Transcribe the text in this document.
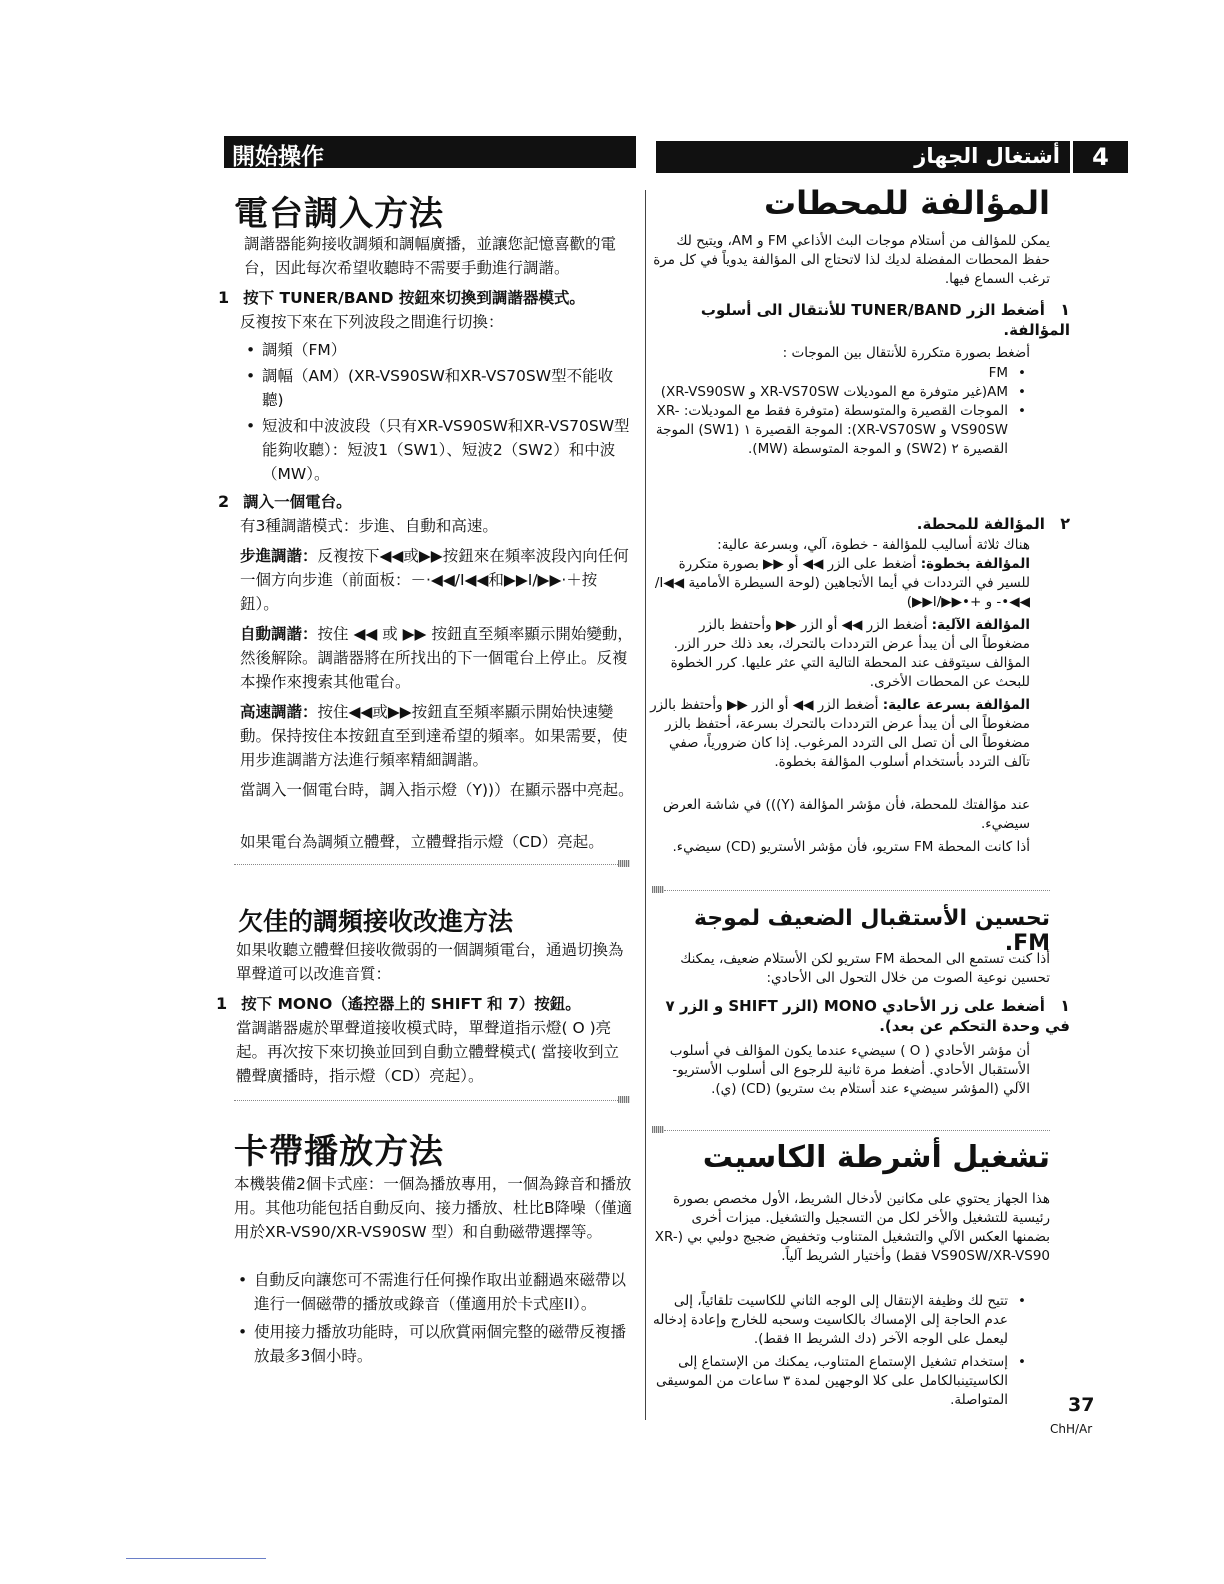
開始操作	أشتغال الجهاز	4
電台調入方法
調諧器能夠接收調頻和調幅廣播，並讓您記憶喜歡的電台，因此每次希望收聽時不需要手動進行調諧。
1 按下 TUNER/BAND 按鈕來切換到調諧器模式。
反複按下來在下列波段之間進行切換：
• 調頻（FM）
• 調幅（AM）(XR-VS90SW和XR-VS70SW型不能收聽)
• 短波和中波波段（只有XR-VS90SW和XR-VS70SW型能夠收聽）：短波1（SW1）、短波2（SW2）和中波（MW）。
2 調入一個電台。
有3種調諧模式：步進、自動和高速。
步進調諧：反複按下◀◀或▶▶按鈕來在頻率波段內向任何一個方向步進（前面板：－·◀◀/I◀◀和▶▶I/▶▶·＋按鈕）。
自動調諧：按住 ◀◀ 或 ▶▶ 按鈕直至頻率顯示開始變動，然後解除。調諧器將在所找出的下一個電台上停止。反複本操作來搜索其他電台。
高速調諧：按住◀◀或▶▶按鈕直至頻率顯示開始快速變動。保持按住本按鈕直至到達希望的頻率。如果需要，使用步進調諧方法進行頻率精細調諧。
當調入一個電台時，調入指示燈（Y))）在顯示器中亮起。
如果電台為調頻立體聲，立體聲指示燈（CD）亮起。
欠佳的調頻接收改進方法
如果收聽立體聲但接收微弱的一個調頻電台，通過切換為單聲道可以改進音質：
1 按下 MONO（遙控器上的 SHIFT 和 7）按鈕。
當調諧器處於單聲道接收模式時，單聲道指示燈( O )亮起。再次按下來切換並回到自動立體聲模式( 當接收到立體聲廣播時，指示燈（CD）亮起）。
卡帶播放方法
本機裝備2個卡式座：一個為播放專用，一個為錄音和播放用。其他功能包括自動反向、接力播放、杜比B降噪（僅適用於XR-VS90/XR-VS90SW 型）和自動磁帶選擇等。
• 自動反向讓您可不需進行任何操作取出並翻過來磁帶以進行一個磁帶的播放或錄音（僅適用於卡式座II）。
• 使用接力播放功能時，可以欣賞兩個完整的磁帶反複播放最多3個小時。
المؤالفة للمحطات
يمكن للمؤالف من أستلام موجات البث الأذاعي FM و AM، ويتيح لك حفظ المحطات المفضلة لديك لذا لاتحتاج الى المؤالفة يدوياً في كل مرة ترغب السماع فيها.
١ أضغط الزر TUNER/BAND للأنتقال الى أسلوب المؤالفة.
أضغط بصورة متكررة للأنتقال بين الموجات :
• FM
• AM(غير متوفرة مع الموديلات XR-VS70SW و XR-VS90SW)
• الموجات القصيرة والمتوسطة (متوفرة فقط مع الموديلات: XR-VS90SW و XR-VS70SW): الموجة القصيرة ١ (SW1) الموجة القصيرة ٢ (SW2) و الموجة المتوسطة (MW).
٢ المؤالفة للمحطة.
هناك ثلاثة أساليب للمؤالفة - خطوة، آلي، وبسرعة عالية:
المؤالفة بخطوة: أضغط على الزر ◀◀ أو ▶▶ بصورة متكررة للسير في الترددات في أيما الأتجاهين (لوحة السيطرة الأمامية ◀◀I/◀◀•- و +•▶▶/I▶▶)
المؤالفة الآلية: أضغط الزر ◀◀ أو الزر ▶▶ وأحتفظ بالزر مضغوطاً الى أن يبدأ عرض الترددات بالتحرك، بعد ذلك حرر الزر. المؤالف سيتوقف عند المحطة التالية التي عثر عليها. كرر الخطوة للبحث عن المحطات الأخرى.
المؤالفة بسرعة عالية: أضغط الزر ◀◀ أو الزر ▶▶ وأحتفظ بالزر مضغوطاً الى أن يبدأ عرض الترددات بالتحرك بسرعة، أحتفظ بالزر مضغوطاً الى أن تصل الى التردد المرغوب. إذا كان ضرورياً، صفي تآلف التردد بأستخدام أسلوب المؤالفة بخطوة.
عند مؤالفتك للمحطة، فأن مؤشر المؤالفة (Y))) في شاشة العرض سيضيء.
أذا كانت المحطة FM ستريو، فأن مؤشر الأستريو (CD) سيضيء.
تحسين الأستقبال الضعيف لموجة FM.
أذا كنت تستمع الى المحطة FM ستريو لكن الأستلام ضعيف، يمكنك تحسين نوعية الصوت من خلال التحول الى الأحادي:
١ أضغط على زر الأحادي MONO (الزر SHIFT و الزر ٧ في وحدة التحكم عن بعد).
أن مؤشر الأحادي ( O ) سيضيء عندما يكون المؤالف في أسلوب الأستقبال الأحادي. أضغط مرة ثانية للرجوع الى أسلوب الأستريو-الآلي (المؤشر سيضيء عند أستلام بث ستريو) (CD) (ي).
تشغيل أشرطة الكاسيت
هذا الجهاز يحتوي على مكانين لأدخال الشريط، الأول مخصص بصورة رئيسية للتشغيل والأخر لكل من التسجيل والتشغيل. ميزات أخرى بضمنها العكس الآلي والتشغيل المتناوب وتخفيض ضجيج دولبي بي (XR-VS90SW/XR-VS90 فقط) وأختيار الشريط آلياً.
• تتيح لك وظيفة الإنتقال إلى الوجه الثاني للكاسيت تلقائياً، إلى عدم الحاجة إلى الإمساك بالكاسيت وسحبه للخارج وإعادة إدخاله ليعمل على الوجه الآخر (دك الشريط II فقط).
• إستخدام تشغيل الإستماع المتناوب، يمكنك من الإستماع إلى الكاسيتينبالكامل على كلا الوجهين لمدة ٣ ساعات من الموسيقى المتواصلة.	37
ChH/Ar
